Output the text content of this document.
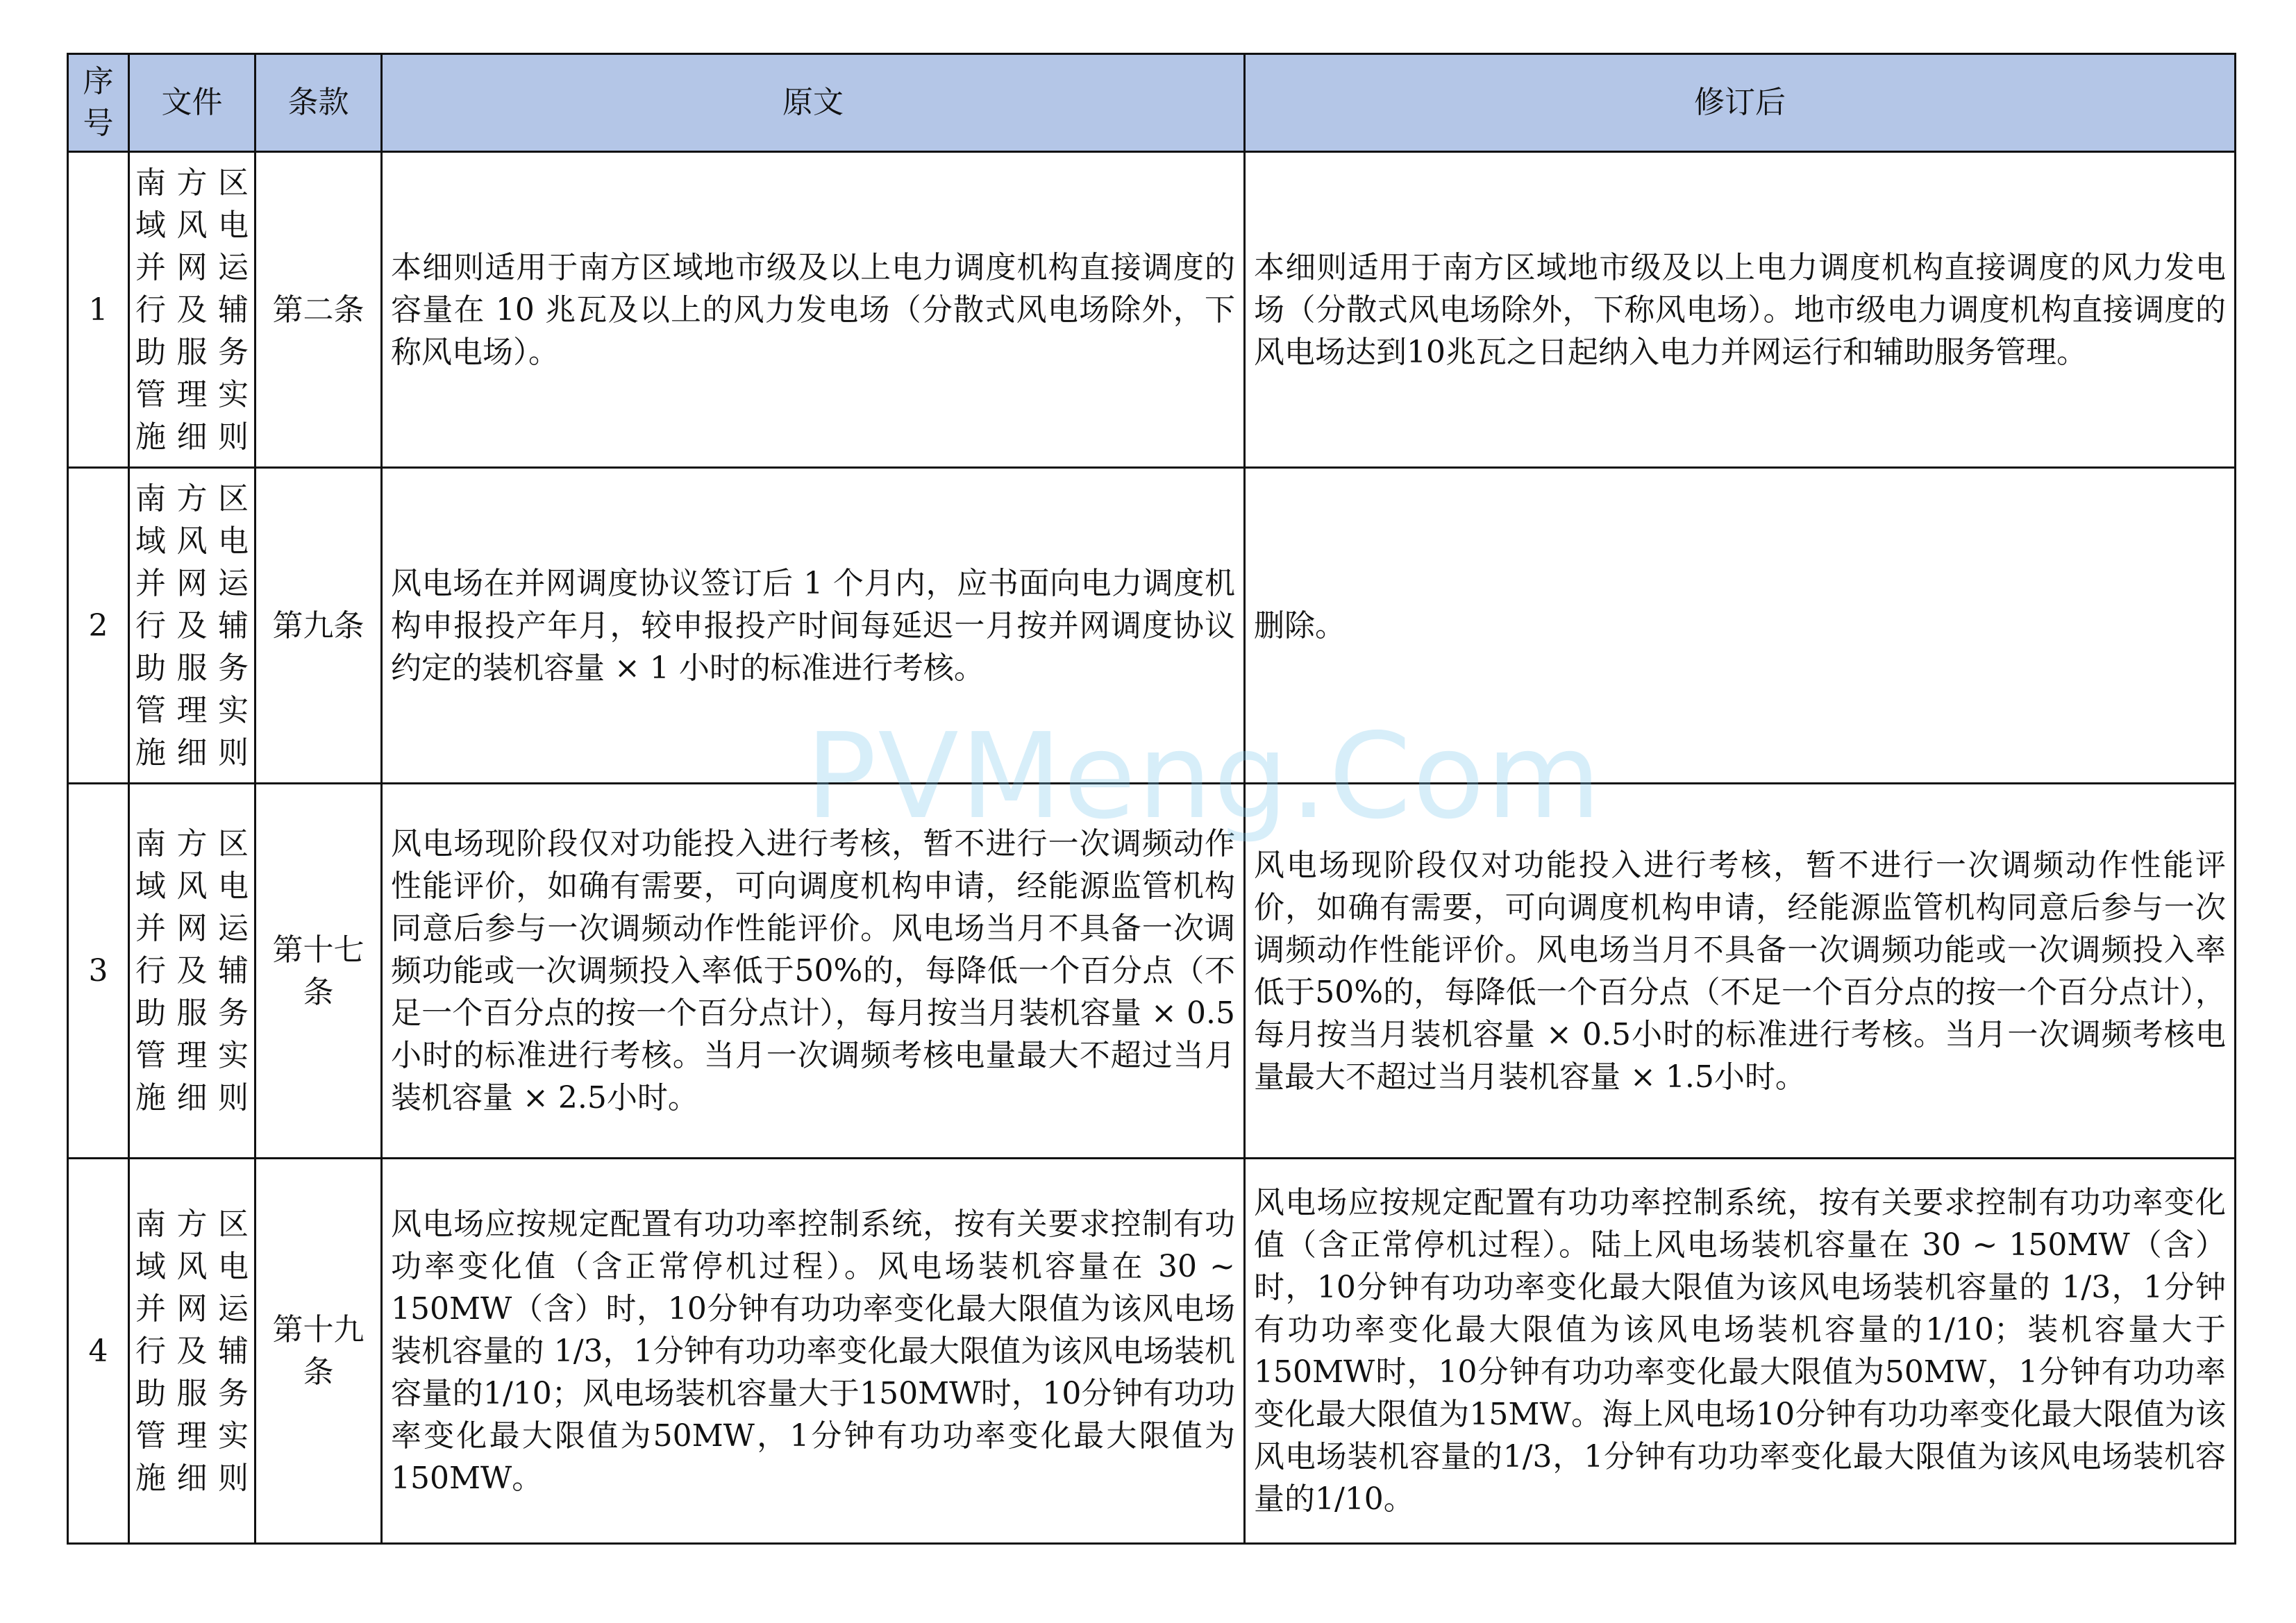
序号	文件	条款	原文	修订后
1	南方区域风电并网运行及辅助服务管理实施细则	第二条	本细则适用于南方区域地市级及以上电力调度机构直接调度的容量在 10 兆瓦及以上的风力发电场（分散式风电场除外，下称风电场）。	本细则适用于南方区域地市级及以上电力调度机构直接调度的风力发电场（分散式风电场除外，下称风电场）。地市级电力调度机构直接调度的风电场达到10兆瓦之日起纳入电力并网运行和辅助服务管理。
2	南方区域风电并网运行及辅助服务管理实施细则	第九条	风电场在并网调度协议签订后 1 个月内，应书面向电力调度机构申报投产年月，较申报投产时间每延迟一月按并网调度协议约定的装机容量 × 1 小时的标准进行考核。	删除。
3	南方区域风电并网运行及辅助服务管理实施细则	第十七条	风电场现阶段仅对功能投入进行考核，暂不进行一次调频动作性能评价，如确有需要，可向调度机构申请，经能源监管机构同意后参与一次调频动作性能评价。风电场当月不具备一次调频功能或一次调频投入率低于50%的，每降低一个百分点（不足一个百分点的按一个百分点计），每月按当月装机容量 × 0.5小时的标准进行考核。当月一次调频考核电量最大不超过当月装机容量 × 2.5小时。	风电场现阶段仅对功能投入进行考核，暂不进行一次调频动作性能评价，如确有需要，可向调度机构申请，经能源监管机构同意后参与一次调频动作性能评价。风电场当月不具备一次调频功能或一次调频投入率低于50%的，每降低一个百分点（不足一个百分点的按一个百分点计），每月按当月装机容量 × 0.5小时的标准进行考核。当月一次调频考核电量最大不超过当月装机容量 × 1.5小时。
4	南方区域风电并网运行及辅助服务管理实施细则	第十九条	风电场应按规定配置有功功率控制系统，按有关要求控制有功功率变化值（含正常停机过程）。风电场装机容量在 30 ~ 150MW（含）时，10分钟有功功率变化最大限值为该风电场装机容量的 1/3，1分钟有功功率变化最大限值为该风电场装机容量的1/10；风电场装机容量大于150MW时，10分钟有功功率变化最大限值为50MW，1分钟有功功率变化最大限值为150MW。	风电场应按规定配置有功功率控制系统，按有关要求控制有功功率变化值（含正常停机过程）。陆上风电场装机容量在 30 ~ 150MW（含）时，10分钟有功功率变化最大限值为该风电场装机容量的 1/3，1分钟有功功率变化最大限值为该风电场装机容量的1/10；装机容量大于150MW时，10分钟有功功率变化最大限值为50MW，1分钟有功功率变化最大限值为15MW。海上风电场10分钟有功功率变化最大限值为该风电场装机容量的1/3，1分钟有功功率变化最大限值为该风电场装机容量的1/10。
PVMeng.Com
